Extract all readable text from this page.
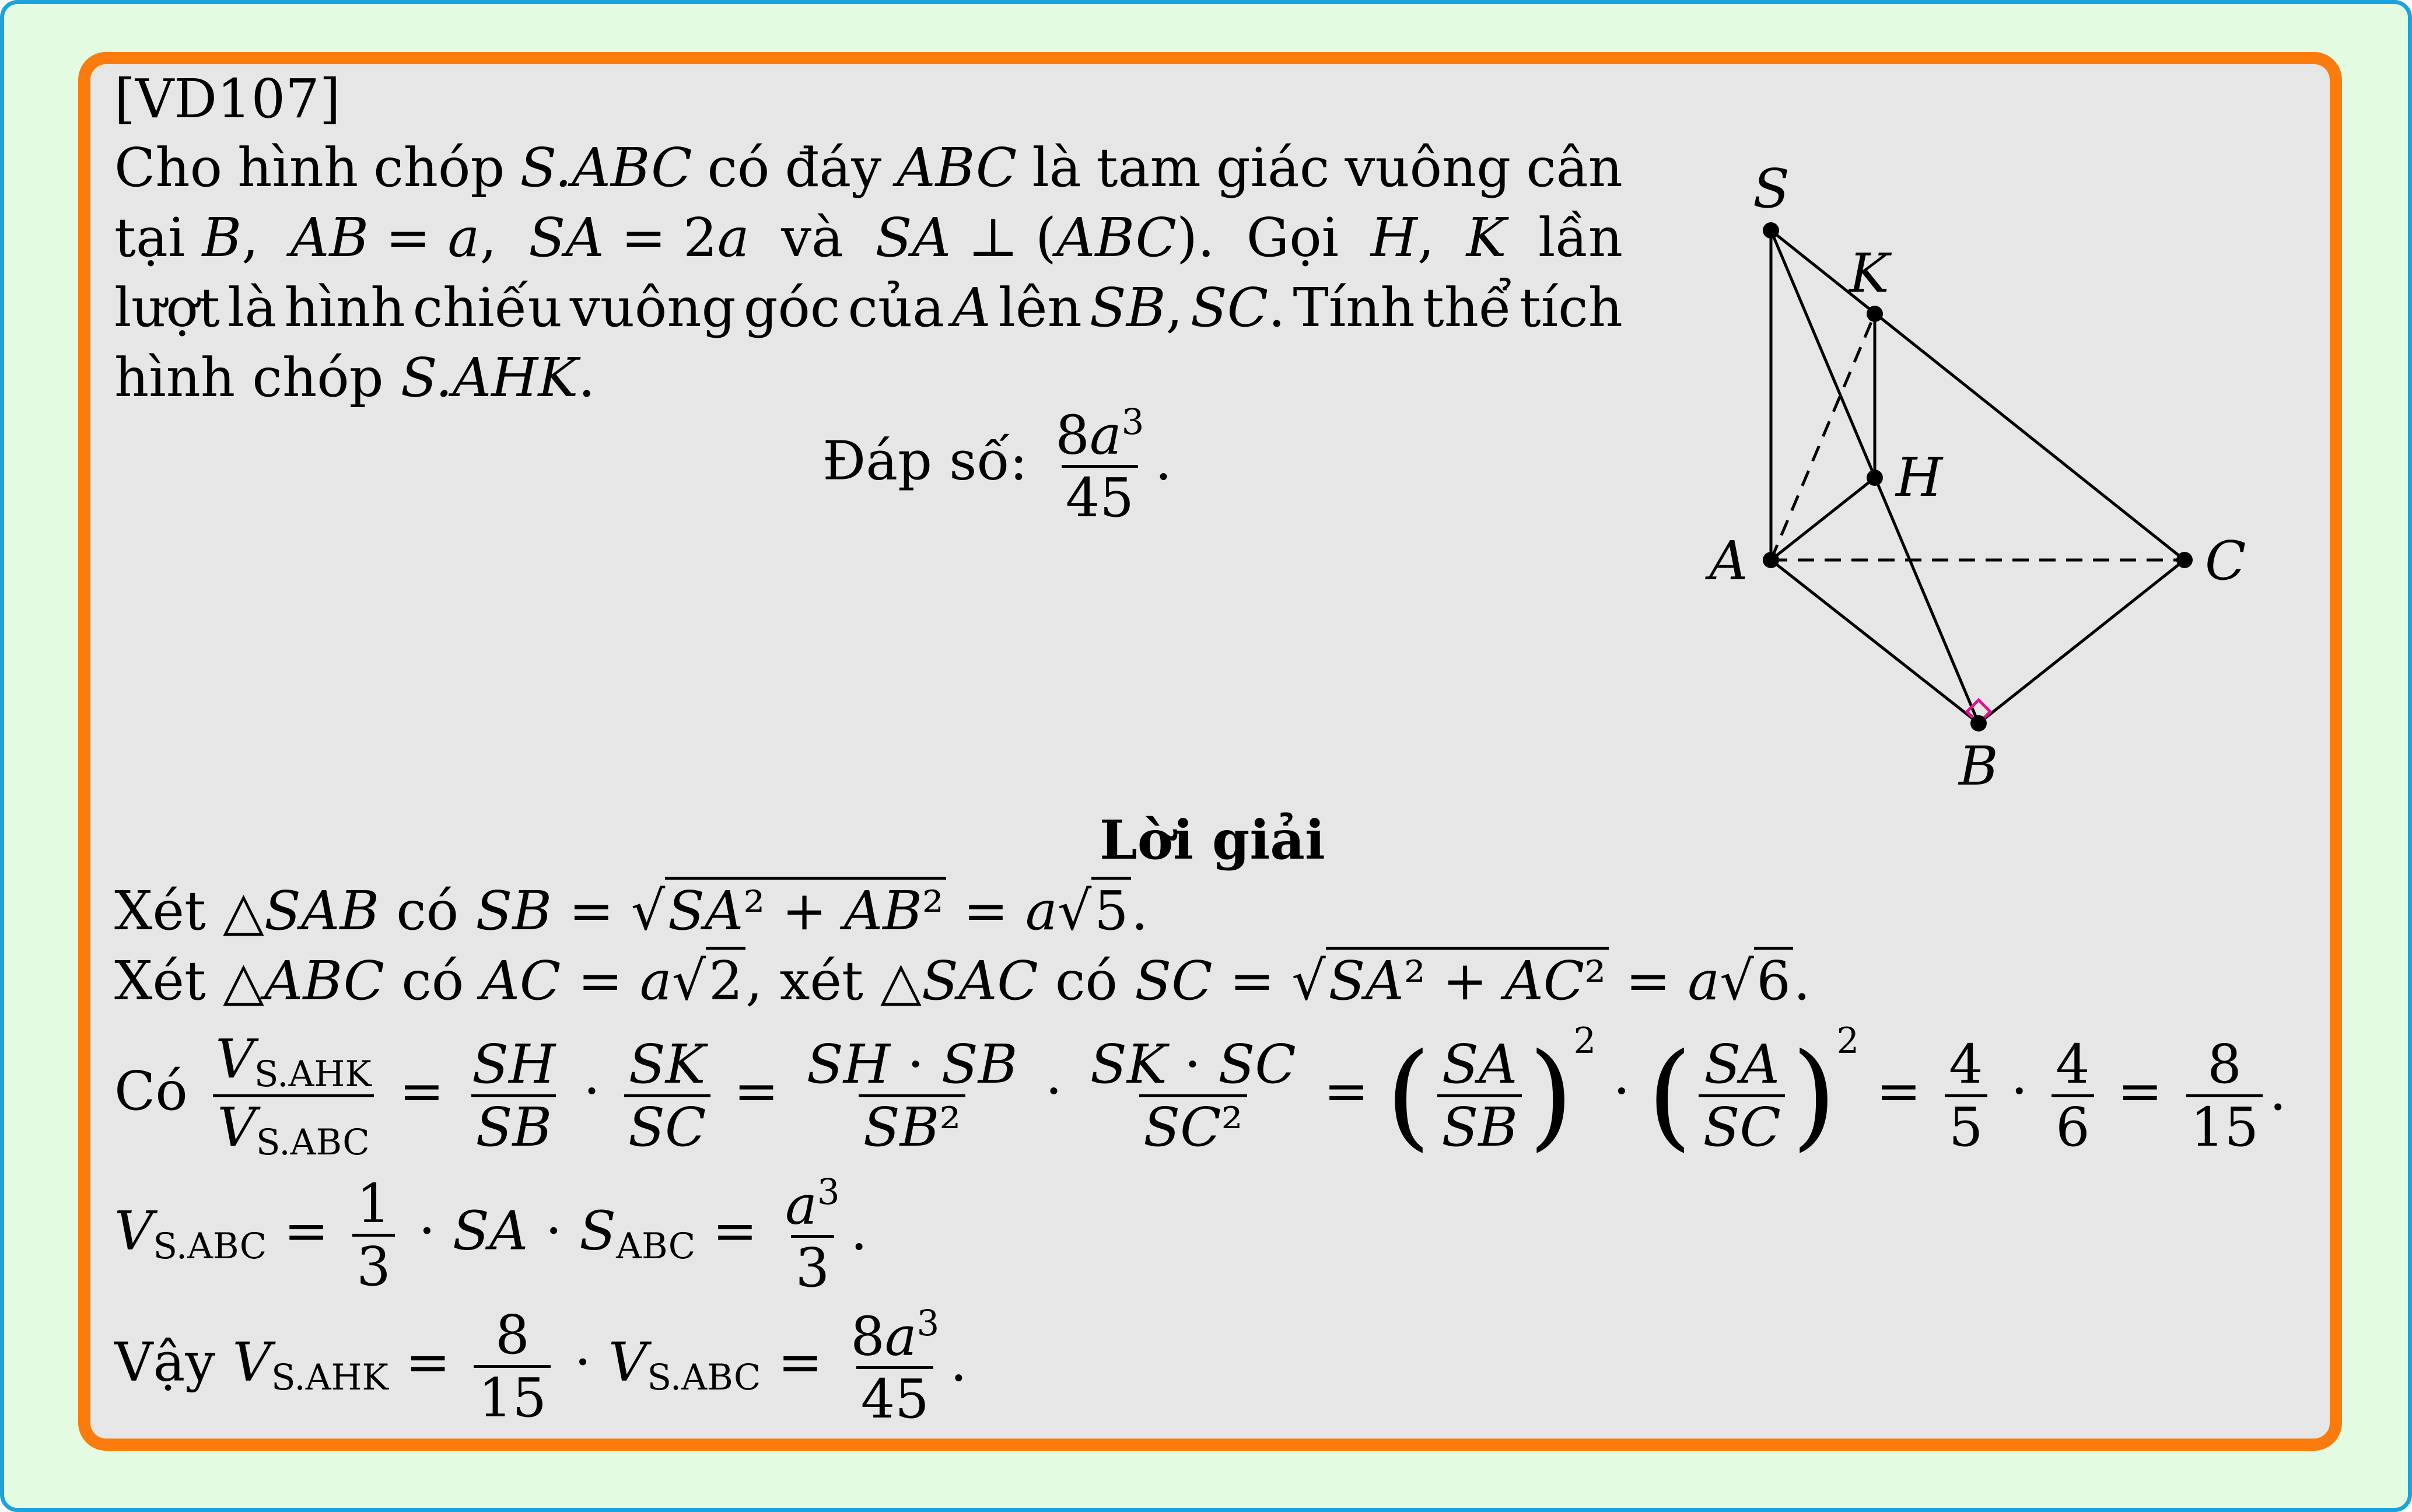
[VD107]
Cho hình chóp S.ABC có đáy ABC là tam giác vuông cân
tại B, AB = a, SA = 2a và SA ⊥ (ABC). Gọi H, K lần
lượt là hình chiếu vuông góc của A lên SB, SC. Tính thể tích
hình chóp S.AHK.
Đáp số: $\frac{8a^3}{45}$ .
S
K
H
A	C
B
Lời giải
Xét △SAB có SB = √SA² + AB² = a√5.
Xét △ABC có AC = a√2, xét △SAC có SC = √SA² + AC² = a√6.
Có $\frac{V_{S.AHK}}{V_{S.ABC}} = \frac{SH}{SB} \cdot \frac{SK}{SC} = \frac{SH \cdot SB}{\text{SB²}} \cdot \frac{SK \cdot SC}{\text{SC²}}$ = ( $\frac{SA}{SB} )^2$ · ( $\frac{SA}{SC} )^2 = \frac{4}{5} \cdot \frac{4}{6} = \frac{8}{15}$ .
$V_{S.ABC} = \frac{1}{3}$ · SA · $S_{ABC} = \frac{a^3}{3}$ .
Vậy $V_{S.AHK} = \frac{8}{15} \cdot V_{S.ABC} = \frac{8a^3}{45}$ .
